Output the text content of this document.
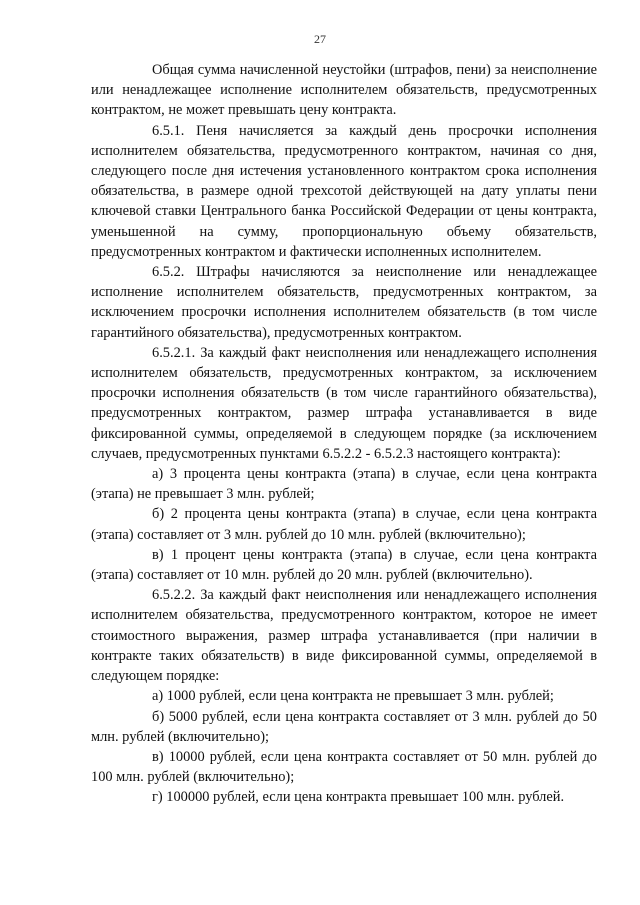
27

Общая сумма начисленной неустойки (штрафов, пени) за неисполнение или ненадлежащее исполнение исполнителем обязательств, предусмотренных контрактом, не может превышать цену контракта.

6.5.1. Пеня начисляется за каждый день просрочки исполнения исполнителем обязательства, предусмотренного контрактом, начиная со дня, следующего после дня истечения установленного контрактом срока исполнения обязательства, в размере одной трехсотой действующей на дату уплаты пени ключевой ставки Центрального банка Российской Федерации от цены контракта, уменьшенной на сумму, пропорциональную объему обязательств, предусмотренных контрактом и фактически исполненных исполнителем.

6.5.2. Штрафы начисляются за неисполнение или ненадлежащее исполнение исполнителем обязательств, предусмотренных контрактом, за исключением просрочки исполнения исполнителем обязательств (в том числе гарантийного обязательства), предусмотренных контрактом.

6.5.2.1. За каждый факт неисполнения или ненадлежащего исполнения исполнителем обязательств, предусмотренных контрактом, за исключением просрочки исполнения обязательств (в том числе гарантийного обязательства), предусмотренных контрактом, размер штрафа устанавливается в виде фиксированной суммы, определяемой в следующем порядке (за исключением случаев, предусмотренных пунктами 6.5.2.2 - 6.5.2.3 настоящего контракта):

а) 3 процента цены контракта (этапа) в случае, если цена контракта (этапа) не превышает 3 млн. рублей;

б) 2 процента цены контракта (этапа) в случае, если цена контракта (этапа) составляет от 3 млн. рублей до 10 млн. рублей (включительно);

в) 1 процент цены контракта (этапа) в случае, если цена контракта (этапа) составляет от 10 млн. рублей до 20 млн. рублей (включительно).

6.5.2.2. За каждый факт неисполнения или ненадлежащего исполнения исполнителем обязательства, предусмотренного контрактом, которое не имеет стоимостного выражения, размер штрафа устанавливается (при наличии в контракте таких обязательств) в виде фиксированной суммы, определяемой в следующем порядке:

а) 1000 рублей, если цена контракта не превышает 3 млн. рублей;

б) 5000 рублей, если цена контракта составляет от 3 млн. рублей до 50 млн. рублей (включительно);

в) 10000 рублей, если цена контракта составляет от 50 млн. рублей до 100 млн. рублей (включительно);

г) 100000 рублей, если цена контракта превышает 100 млн. рублей.
